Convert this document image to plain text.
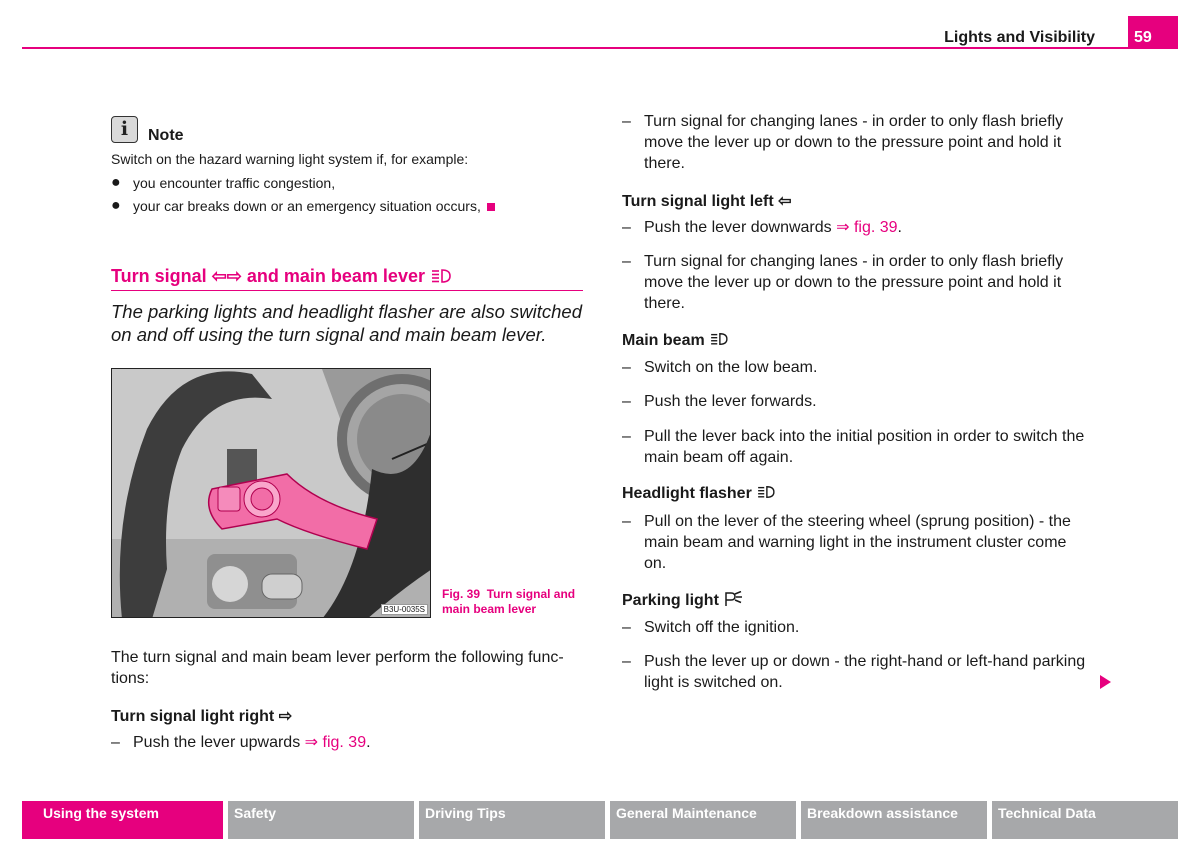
Lights and Visibility	59
i	Note
Switch on the hazard warning light system if, for example:
● you encounter traffic congestion,
● your car breaks down or an emergency situation occurs,
Turn signal ⇦⇨ and main beam lever
The parking lights and headlight flasher are also switched on and off using the turn signal and main beam lever.
B3U-0035S
Fig. 39 Turn signal and main beam lever
The turn signal and main beam lever perform the following func-tions:
Turn signal light right ⇨
– Push the lever upwards ⇒ fig. 39.
– Turn signal for changing lanes - in order to only flash briefly move the lever up or down to the pressure point and hold it there.
Turn signal light left ⇦
– Push the lever downwards ⇒ fig. 39.
– Turn signal for changing lanes - in order to only flash briefly move the lever up or down to the pressure point and hold it there.
Main beam
– Switch on the low beam.
– Push the lever forwards.
– Pull the lever back into the initial position in order to switch the main beam off again.
Headlight flasher
– Pull on the lever of the steering wheel (sprung position) - the main beam and warning light in the instrument cluster come on.
Parking light
– Switch off the ignition.
– Push the lever up or down - the right-hand or left-hand parking light is switched on.
Using the system	Safety	Driving Tips	General Maintenance	Breakdown assistance	Technical Data
